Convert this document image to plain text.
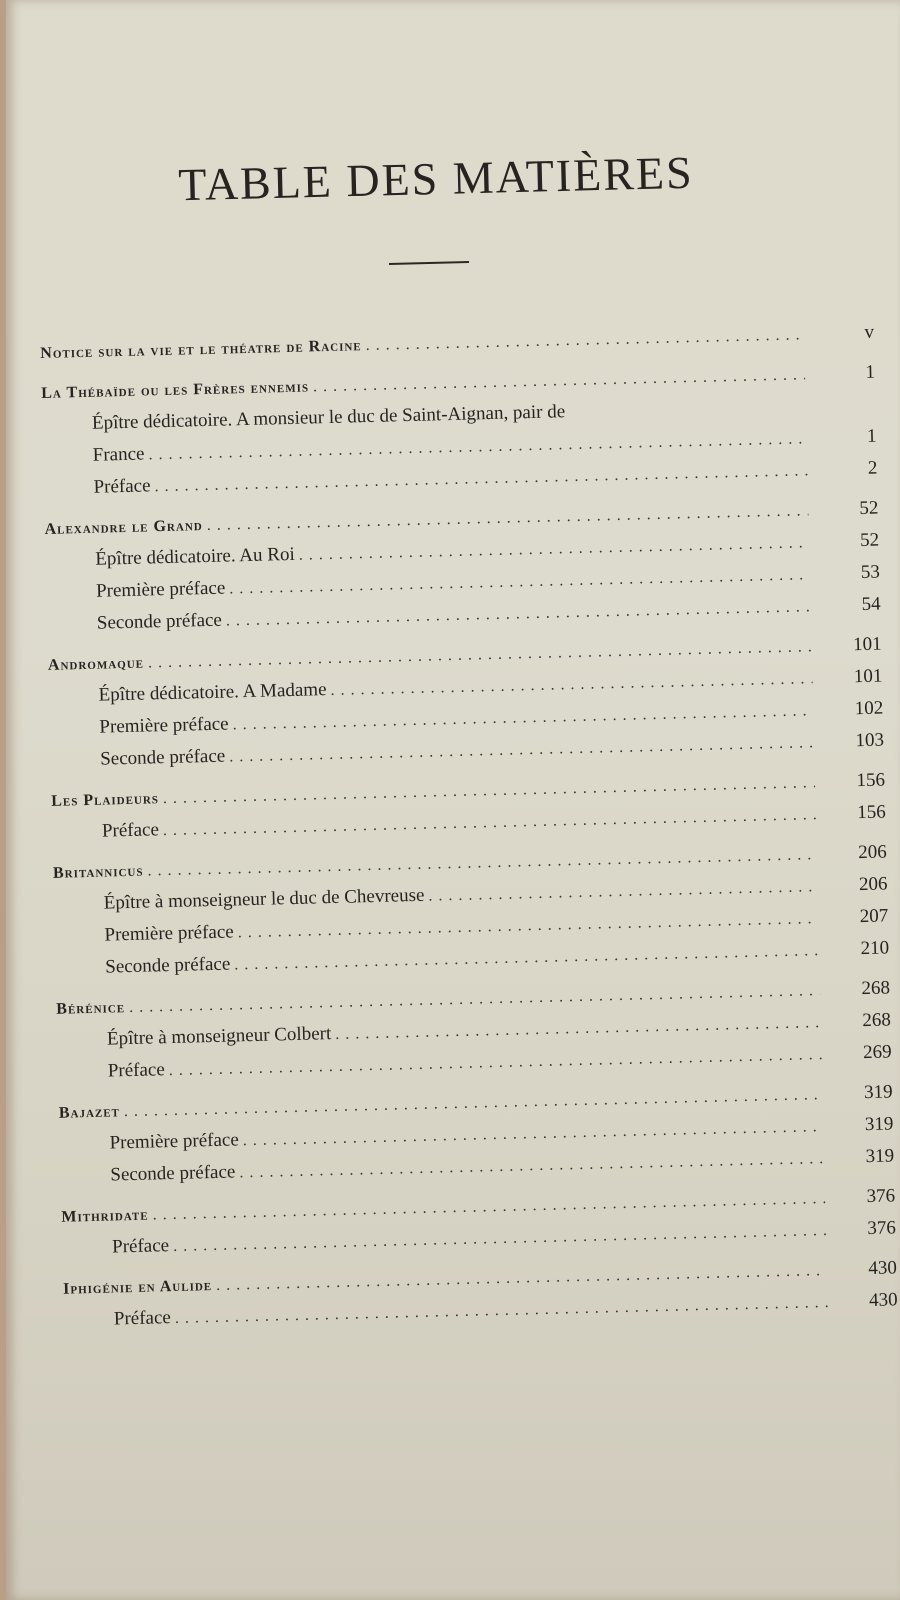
TABLE DES MATIÈRES
Notice sur la vie et le théatre de Racine
.....
v
La Thébaïde ou les Frères ennemis
.....
1
Épître dédicatoire. A monsieur le duc de Saint-Aignan, pair de
France
.....
1
Préface
.....
2
Alexandre le Grand
.....
52
Épître dédicatoire. Au Roi
.....
52
Première préface
.....
53
Seconde préface
.....
54
Andromaque
.....
101
Épître dédicatoire. A Madame
.....
101
Première préface
.....
102
Seconde préface
.....
103
Les Plaideurs
.....
156
Préface
.....
156
Britannicus
.....
206
Épître à monseigneur le duc de Chevreuse
.....
206
Première préface
.....
207
Seconde préface
.....
210
Bérénice
.....
268
Épître à monseigneur Colbert
.....
268
Préface
.....
269
Bajazet
.....
319
Première préface
.....
319
Seconde préface
.....
319
Mithridate
.....
376
Préface
.....
376
Iphigénie en Aulide
.....
430
Préface
.....
430
